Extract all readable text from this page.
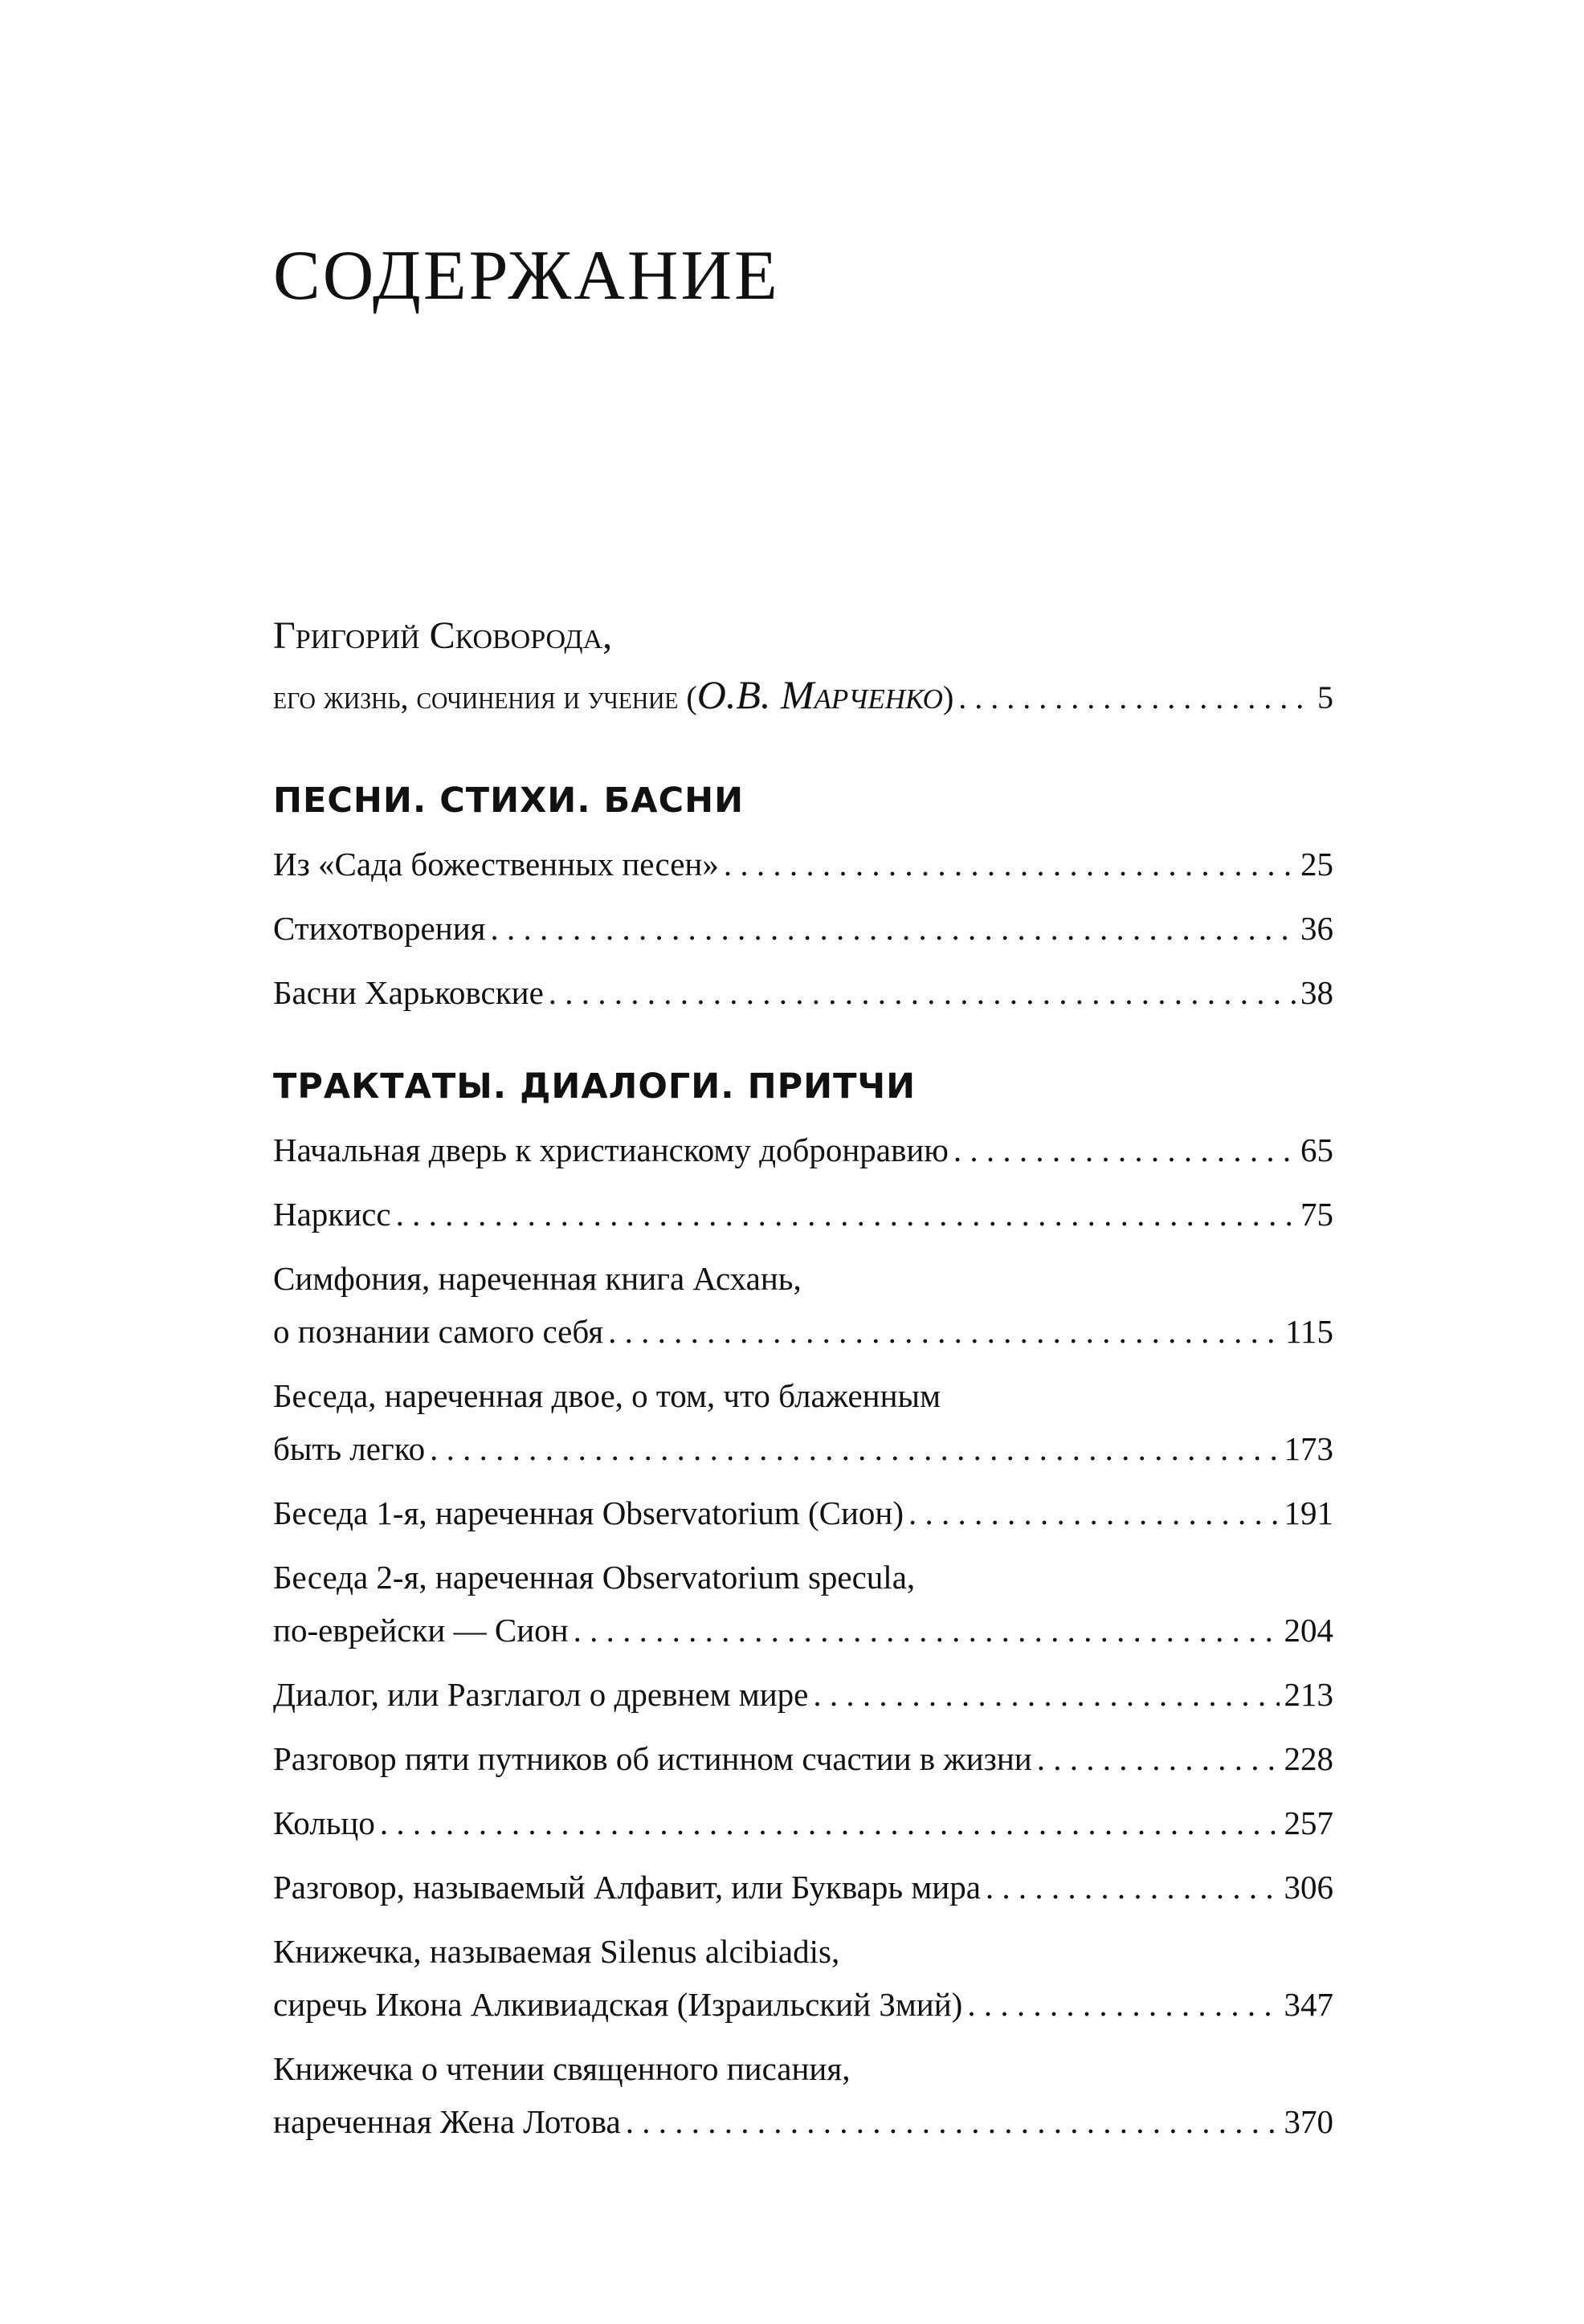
СОДЕРЖАНИЕ
Григорий Сковорода,
его жизнь, сочинения и учение (О.В. Марченко) . . .	5
ПЕСНИ. СТИХИ. БАСНИ
Из «Сада божественных песен» . . .	25
Стихотворения . . .	36
Басни Харьковские . . .	38
ТРАКТАТЫ. ДИАЛОГИ. ПРИТЧИ
Начальная дверь к христианскому добронравию . . .	65
Наркисс . . .	75
Симфония, нареченная книга Асхань,
о познании самого себя . . .	115
Беседа, нареченная двое, о том, что блаженным
быть легко . . .	173
Беседа 1-я, нареченная Observatorium (Сион) . . .	191
Беседа 2-я, нареченная Observatorium specula,
по-еврейски — Сион . . .	204
Диалог, или Разглагол о древнем мире . . .	213
Разговор пяти путников об истинном счастии в жизни . . .	228
Кольцо . . .	257
Разговор, называемый Алфавит, или Букварь мира . . .	306
Книжечка, называемая Silenus alcibiadis,
сиречь Икона Алкивиадская (Израильский Змий) . . .	347
Книжечка о чтении священного писания,
нареченная Жена Лотова . . .	370
